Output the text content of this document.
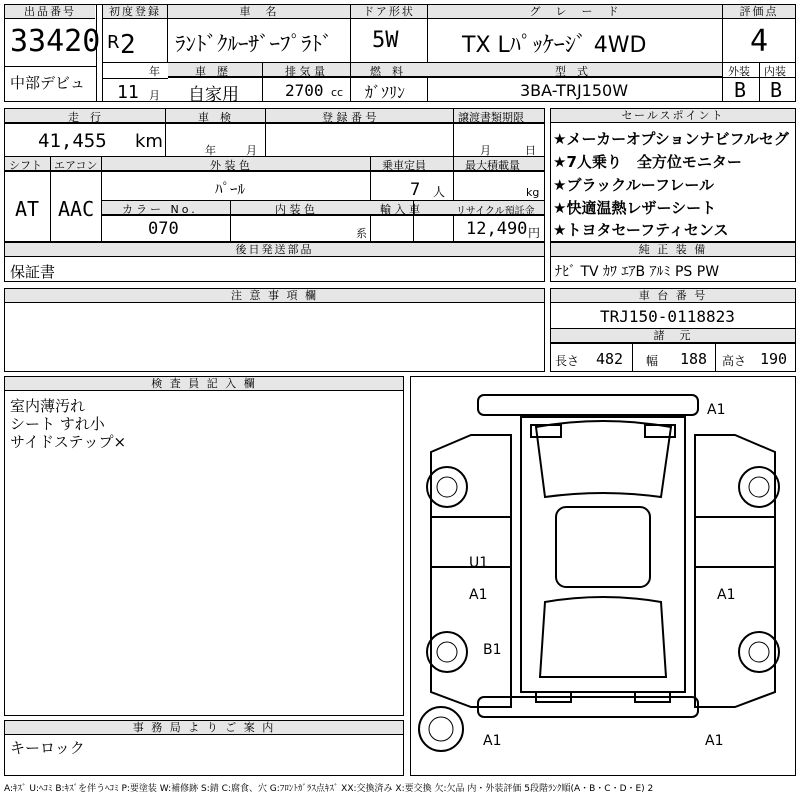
出品番号
33420
中部デビュ
初度登録
R 2
年
11 月
車　名
ﾗﾝﾄﾞｸﾙｰｻﾞｰﾌﾟﾗﾄﾞ
ドア形状
5W
グ　レ　ー　ド
TX Lﾊﾟｯｹｰｼﾞ 4WD
評価点
4
車　歴	排 気 量	燃　料	型　式
自家用	2700 cc ｶﾞｿﾘﾝ	3BA-TRJ150W
外装 内装
B B
走　行	車　検	登 録 番 号	譲渡書類期限
41,455 km	年	月	月	日
シフト エアコン	外 装 色	乗車定員	最大積載量
AT AAC
ﾊﾟｰﾙ	7 人	kg
カラー No.	内 装 色	輸 入 車	リサイクル預託金
070	系	12,490 円
セールスポイント
★メーカーオプションナビフルセグ
★7人乗り　全方位モニター
★ブラックルーフレール
★快適温熱レザーシート
★トヨタセーフティセンス
後日発送部品
保証書
純 正 装 備
ﾅﾋﾞ TV ｶﾜ ｴｱB ｱﾙﾐ PS PW
注 意 事 項 欄	車 台 番 号
TRJ150-0118823
諸　元
長さ 482 幅 188 高さ 190
検 査 員 記 入 欄
室内薄汚れ
シート すれ小
サイドステップ×
事 務 局 よ り ご 案 内
キーロック
A1
U1
A1	A1
B1
A1	A1
A:ｷｽﾞ U:ﾍｺﾐ B:ｷｽﾞを伴うﾍｺﾐ P:要塗装 W:補修跡 S:錆 C:腐食、穴 G:ﾌﾛﾝﾄｶﾞﾗｽ点ｷｽﾞ XX:交換済み X:要交換 欠:欠品 内・外装評価 5段階ﾗﾝｸ順(A・B・C・D・E) 2
